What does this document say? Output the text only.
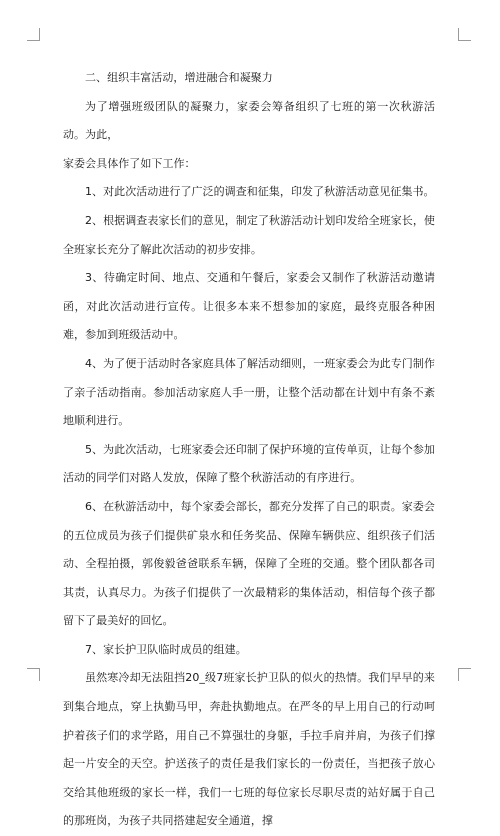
二、组织丰富活动，增进融合和凝聚力

为了增强班级团队的凝聚力，家委会筹备组织了七班的第一次秋游活动。为此，

家委会具体作了如下工作：

1、对此次活动进行了广泛的调查和征集，印发了秋游活动意见征集书。

2、根据调查表家长们的意见，制定了秋游活动计划印发给全班家长，使全班家长充分了解此次活动的初步安排。

3、待确定时间、地点、交通和午餐后，家委会又制作了秋游活动邀请函，对此次活动进行宣传。让很多本来不想参加的家庭，最终克服各种困难，参加到班级活动中。

4、为了便于活动时各家庭具体了解活动细则，一班家委会为此专门制作了亲子活动指南。参加活动家庭人手一册，让整个活动都在计划中有条不紊地顺利进行。

5、为此次活动，七班家委会还印制了保护环境的宣传单页，让每个参加活动的同学们对路人发放，保障了整个秋游活动的有序进行。

6、在秋游活动中，每个家委会部长，都充分发挥了自己的职责。家委会的五位成员为孩子们提供矿泉水和任务奖品、保障车辆供应、组织孩子们活动、全程拍摄，郭俊毅爸爸联系车辆，保障了全班的交通。整个团队都各司其责，认真尽力。为孩子们提供了一次最精彩的集体活动，相信每个孩子都留下了最美好的回忆。

7、家长护卫队临时成员的组建。

虽然寒冷却无法阻挡20_级7班家长护卫队的似火的热情。我们早早的来到集合地点，穿上执勤马甲，奔赴执勤地点。在严冬的早上用自己的行动呵护着孩子们的求学路，用自己不算强壮的身躯，手拉手肩并肩，为孩子们撑起一片安全的天空。护送孩子的责任是我们家长的一份责任，当把孩子放心交给其他班级的家长一样，我们一七班的每位家长尽职尽责的站好属于自己的那班岗，为孩子共同搭建起安全通道，撑
